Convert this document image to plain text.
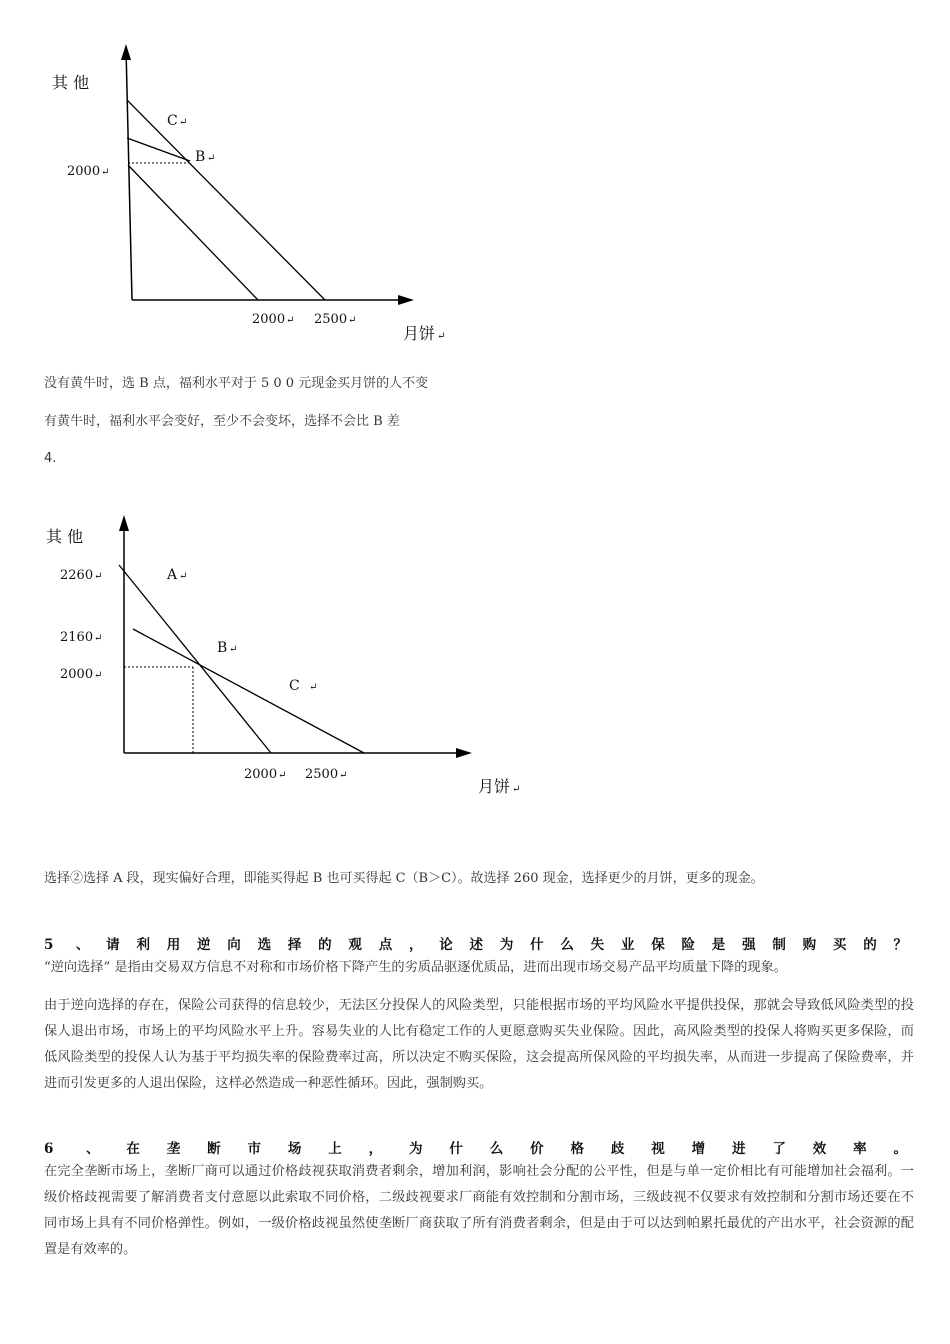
其 他
C ↵
B ↵
2000 ↵
2000 ↵ 2500 ↵
月饼 ↵
没有黄牛时，选 B 点，福利水平对于 5 0 0 元现金买月饼的人不变
有黄牛时，福利水平会变好，至少不会变坏，选择不会比 B 差
4.
其 他
2260 ↵
2160 ↵
2000 ↵
A ↵
B ↵
C ↵
2000 ↵ 2500 ↵
月饼 ↵
选择②选择 A 段，现实偏好合理，即能买得起 B 也可买得起 C（B＞C）。故选择 260 现金，选择更少的月饼，更多的现金。
5 、请利用逆向选择的观点，论述为什么失业保险是强制购买的？
“逆向选择” 是指由交易双方信息不对称和市场价格下降产生的劣质品驱逐优质品，进而出现市场交易产品平均质量下降的现象。
由于逆向选择的存在，保险公司获得的信息较少，无法区分投保人的风险类型，只能根据市场的平均风险水平提供投保，那就会导致低风险类型的投保人退出市场，市场上的平均风险水平上升。容易失业的人比有稳定工作的人更愿意购买失业保险。因此，高风险类型的投保人将购买更多保险，而低风险类型的投保人认为基于平均损失率的保险费率过高，所以决定不购买保险，这会提高所保风险的平均损失率，从而进一步提高了保险费率，并进而引发更多的人退出保险，这样必然造成一种恶性循环。因此，强制购买。
6 、在垄断市场上，为什么价格歧视增进了效率。
在完全垄断市场上，垄断厂商可以通过价格歧视获取消费者剩余，增加利润，影响社会分配的公平性，但是与单一定价相比有可能增加社会福利。一级价格歧视需要了解消费者支付意愿以此索取不同价格，二级歧视要求厂商能有效控制和分割市场，三级歧视不仅要求有效控制和分割市场还要在不同市场上具有不同价格弹性。例如，一级价格歧视虽然使垄断厂商获取了所有消费者剩余，但是由于可以达到帕累托最优的产出水平，社会资源的配置是有效率的。
